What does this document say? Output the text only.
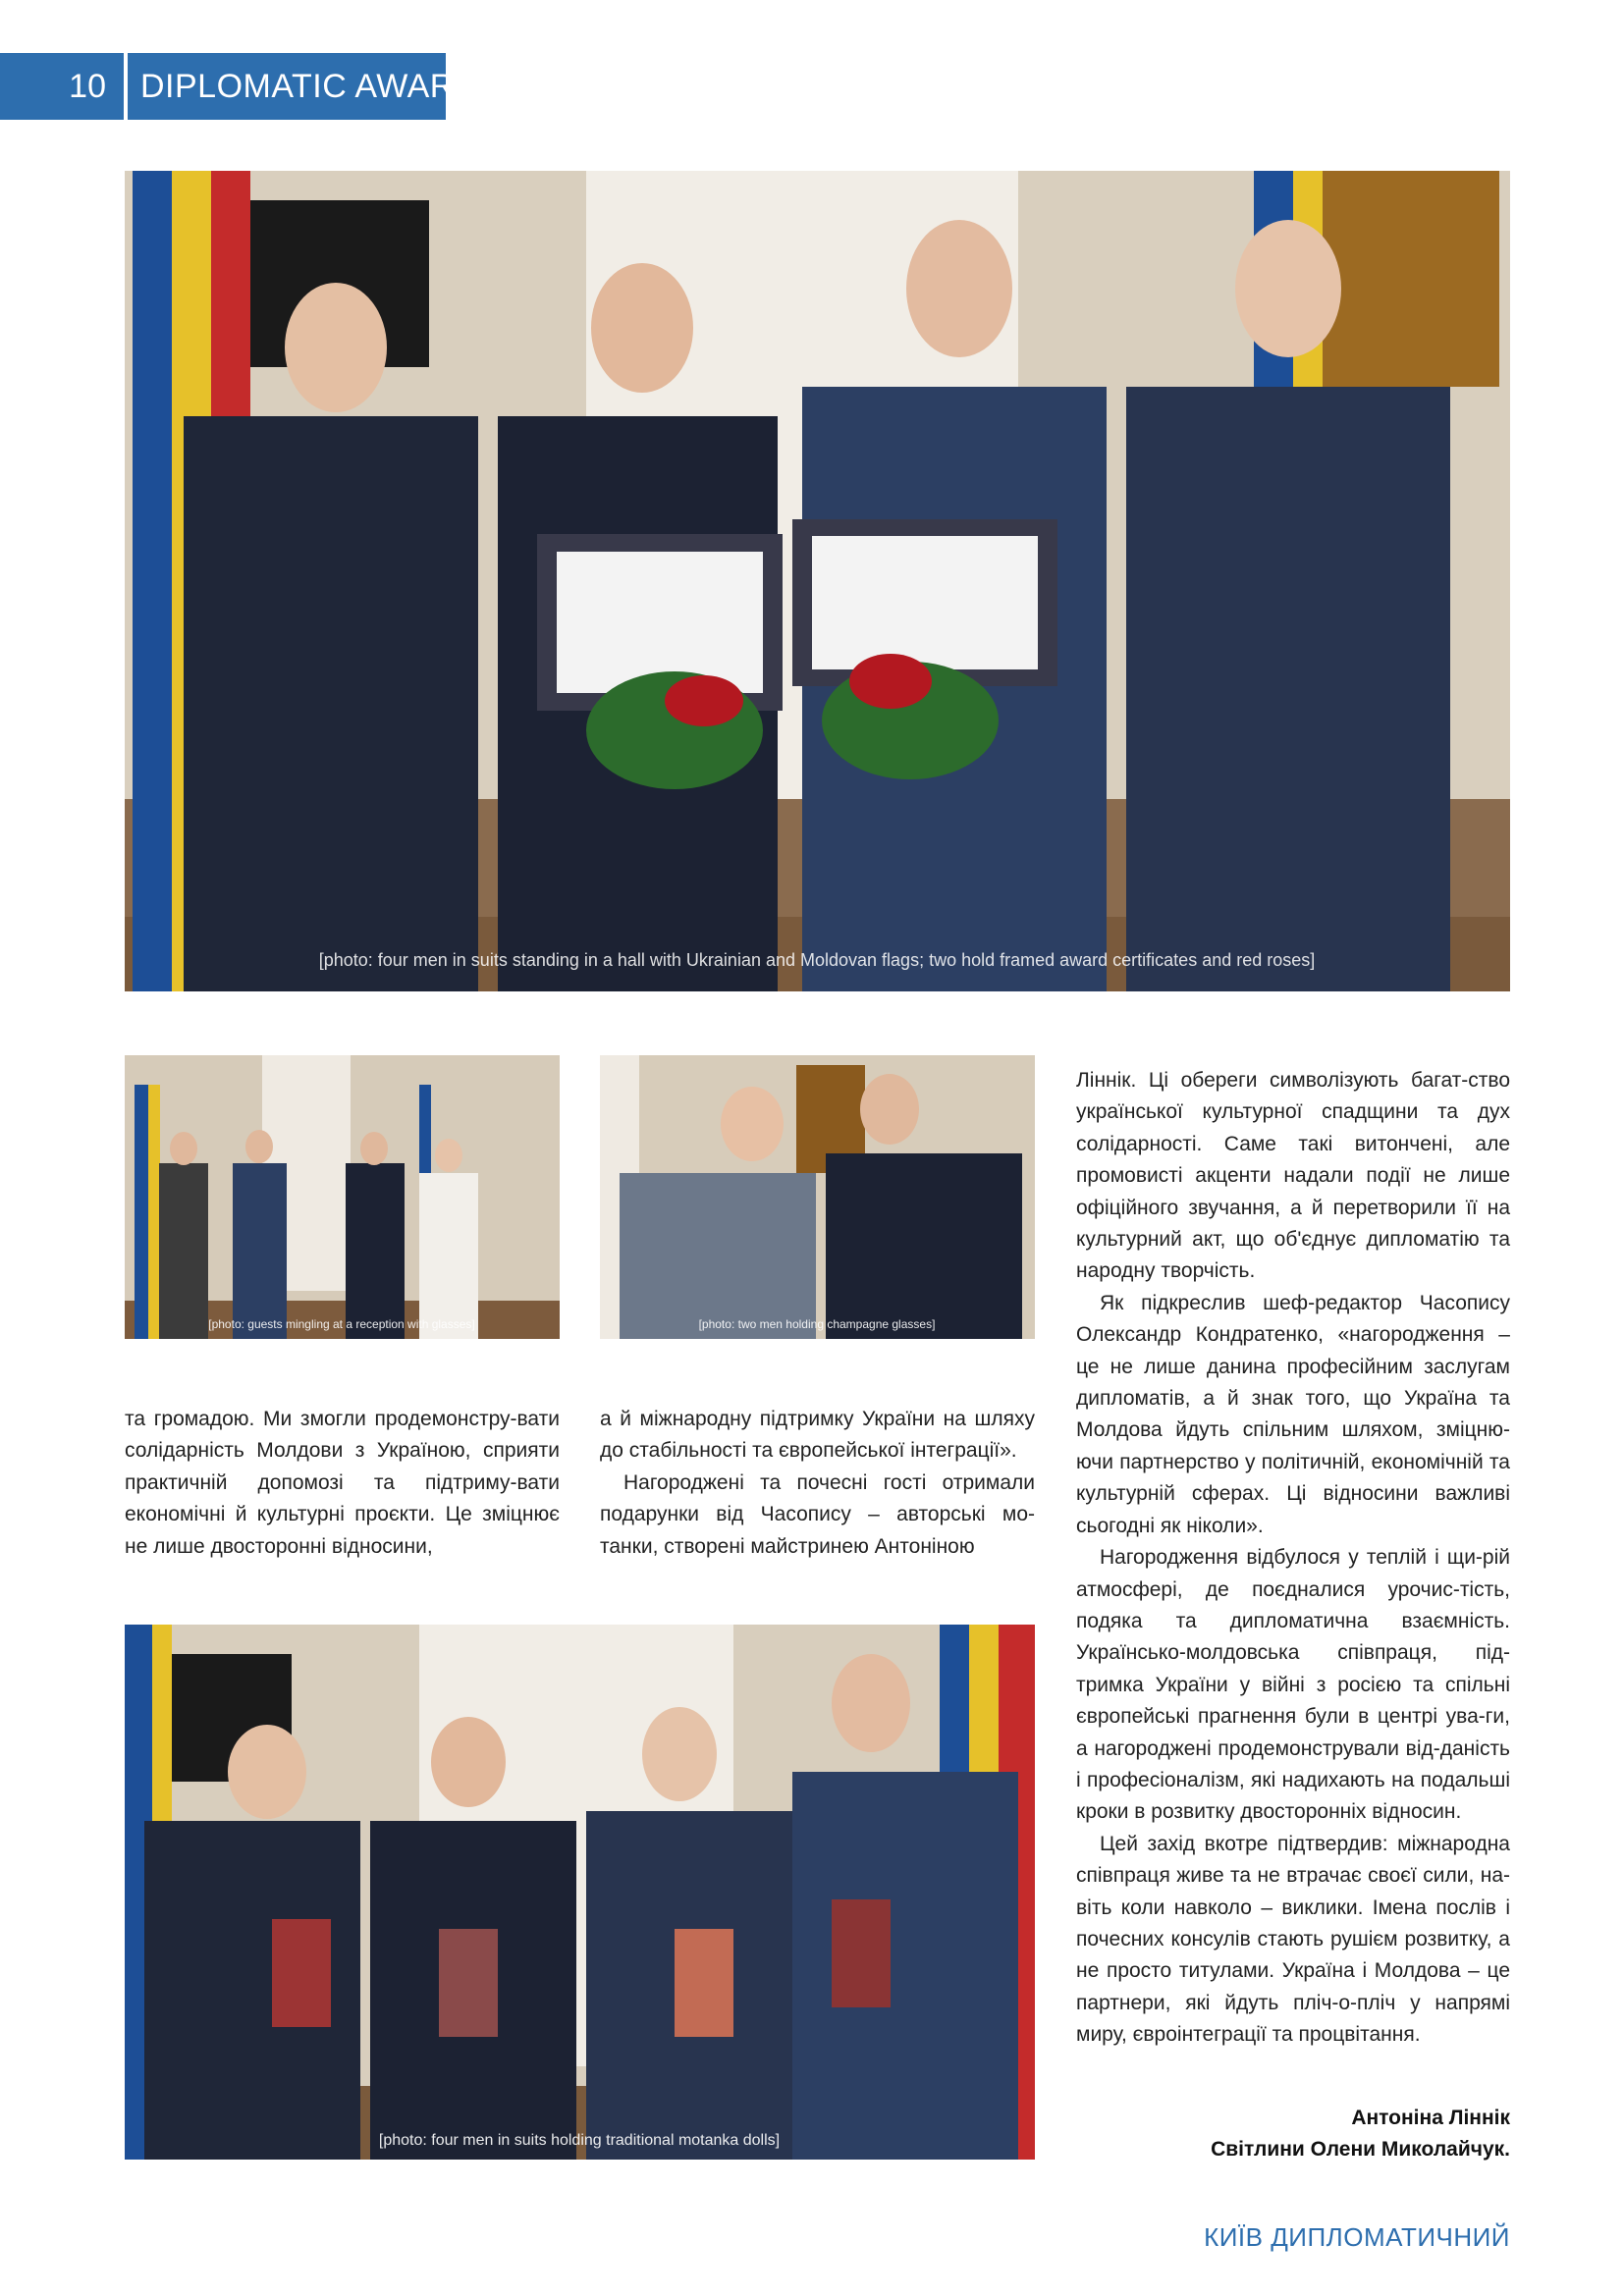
10	DIPLOMATIC AWARD
[photo: four men in suits standing in a hall with Ukrainian and Moldovan flags; two hold framed award certificates and red roses]
[photo: guests mingling at a reception with glasses]	[photo: two men holding champagne glasses]
[photo: four men in suits holding traditional motanka dolls]

та громадою. Ми змогли продемонстру-вати солідарність Молдови з Україною, сприяти практичній допомозі та підтриму-вати економічні й культурні проєкти. Це зміцнює не лише двосторонні відносини,

а й міжнародну підтримку України на шляху до стабільності та європейської інтеграції».

Нагороджені та почесні гості отримали подарунки від Часопису – авторські мо-танки, створені майстринею Антоніною

Ліннік. Ці обереги символізують багат-ство української культурної спадщини та дух солідарності. Саме такі витончені, але промовисті акценти надали події не лише офіційного звучання, а й перетворили її на культурний акт, що об'єднує дипломатію та народну творчість.

Як підкреслив шеф-редактор Часопису Олександр Кондратенко, «нагородження – це не лише данина професійним заслугам дипломатів, а й знак того, що Україна та Молдова йдуть спільним шляхом, зміцню-ючи партнерство у політичній, економічній та культурній сферах. Ці відносини важливі сьогодні як ніколи».

Нагородження відбулося у теплій і щи-рій атмосфері, де поєдналися урочис-тість, подяка та дипломатична взаємність. Українсько-молдовська співпраця, під-тримка України у війні з росією та спільні європейські прагнення були в центрі ува-ги, а нагороджені продемонстрували від-даність і професіоналізм, які надихають на подальші кроки в розвитку двосторонніх відносин.

Цей захід вкотре підтвердив: міжнародна співпраця живе та не втрачає своєї сили, на-віть коли навколо – виклики. Імена послів і почесних консулів стають рушієм розвитку, а не просто титулами. Україна і Молдова – це партнери, які йдуть пліч-о-пліч у напрямі миру, євроінтеграції та процвітання.

Антоніна Ліннік
Світлини Олени Миколайчук.
КИЇВ ДИПЛОМАТИЧНИЙ
